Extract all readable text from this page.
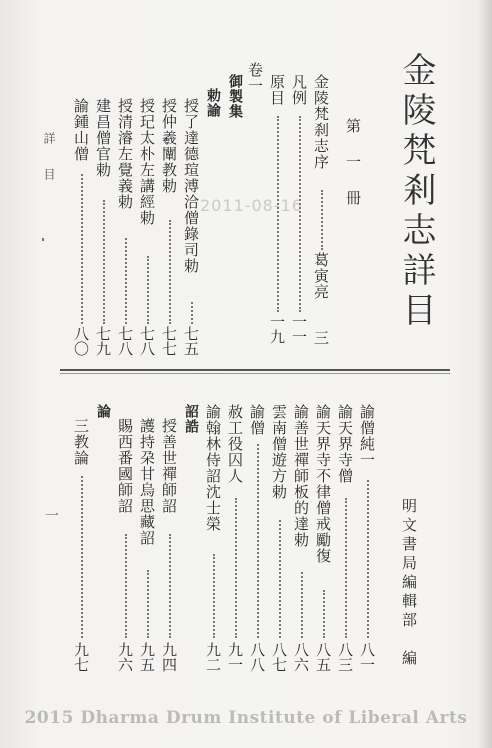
金陵梵剎志詳目
詳　目	第　一　冊
金陵梵刹志序
葛寅亮
三
凡例
一一
原目
一九
卷一
御製集
勅諭
授了達德瑄溥洽僧錄司勅
七五
授仲羲闡教勅
七七
授玘太朴左講經勅
七八
授清濬左覺義勅
七八
建昌僧官勅
七九
諭鍾山僧
八〇
2011-08-16
明文書局編輯部　編
諭僧純一
八一
諭天界寺僧
八三
諭天界寺不律僧戒勵復
八五
諭善世禪師板的達勅
八六
雲南僧遊方勅
八七
諭僧
八八
赦工役囚人
九一
諭翰林侍詔沈士榮
九二
詔誥
授善世禪師詔
九四
護持朶甘烏思藏詔
九五
賜西番國師詔
九六
論
三教論
九七
一
2015 Dharma Drum Institute of Liberal Arts
